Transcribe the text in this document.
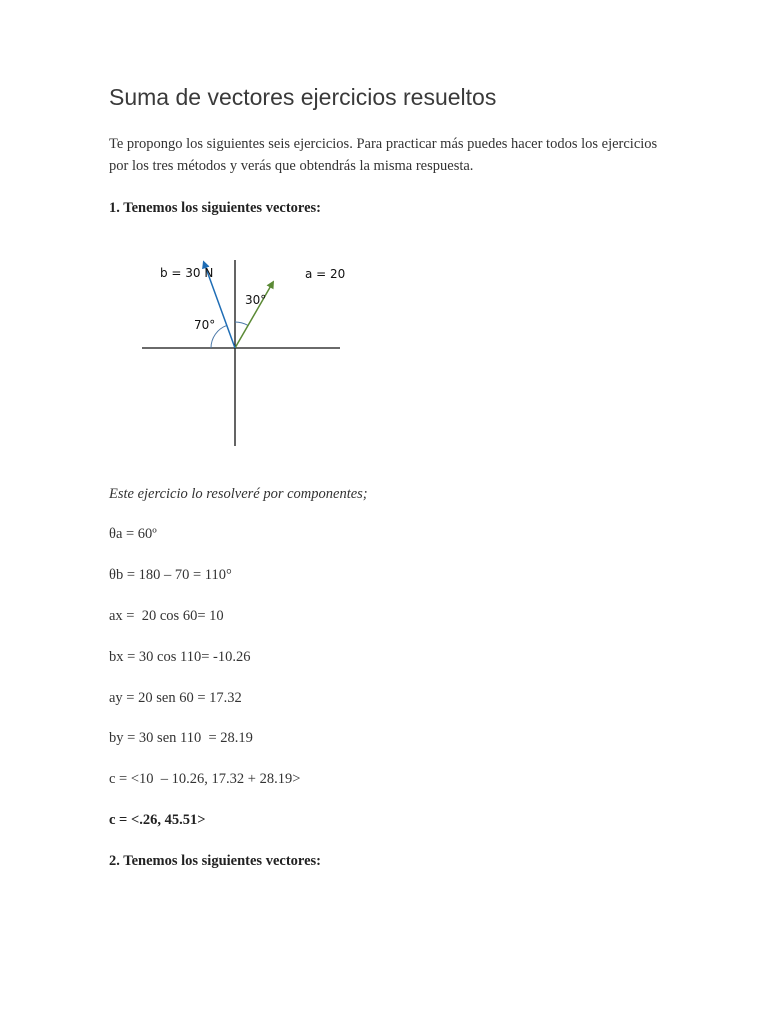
Suma de vectores ejercicios resueltos

Te propongo los siguientes seis ejercicios. Para practicar más puedes hacer todos los ejercicios por los tres métodos y verás que obtendrás la misma respuesta.

1. Tenemos los siguientes vectores:

b = 30 N	a = 20
30°
70°

Este ejercicio lo resolveré por componentes;

θa = 60º

θb = 180 – 70 = 110°

ax =  20 cos 60= 10

bx = 30 cos 110= -10.26

ay = 20 sen 60 = 17.32

by = 30 sen 110  = 28.19

c = <10  – 10.26, 17.32 + 28.19>

c = <.26, 45.51>

2. Tenemos los siguientes vectores:
